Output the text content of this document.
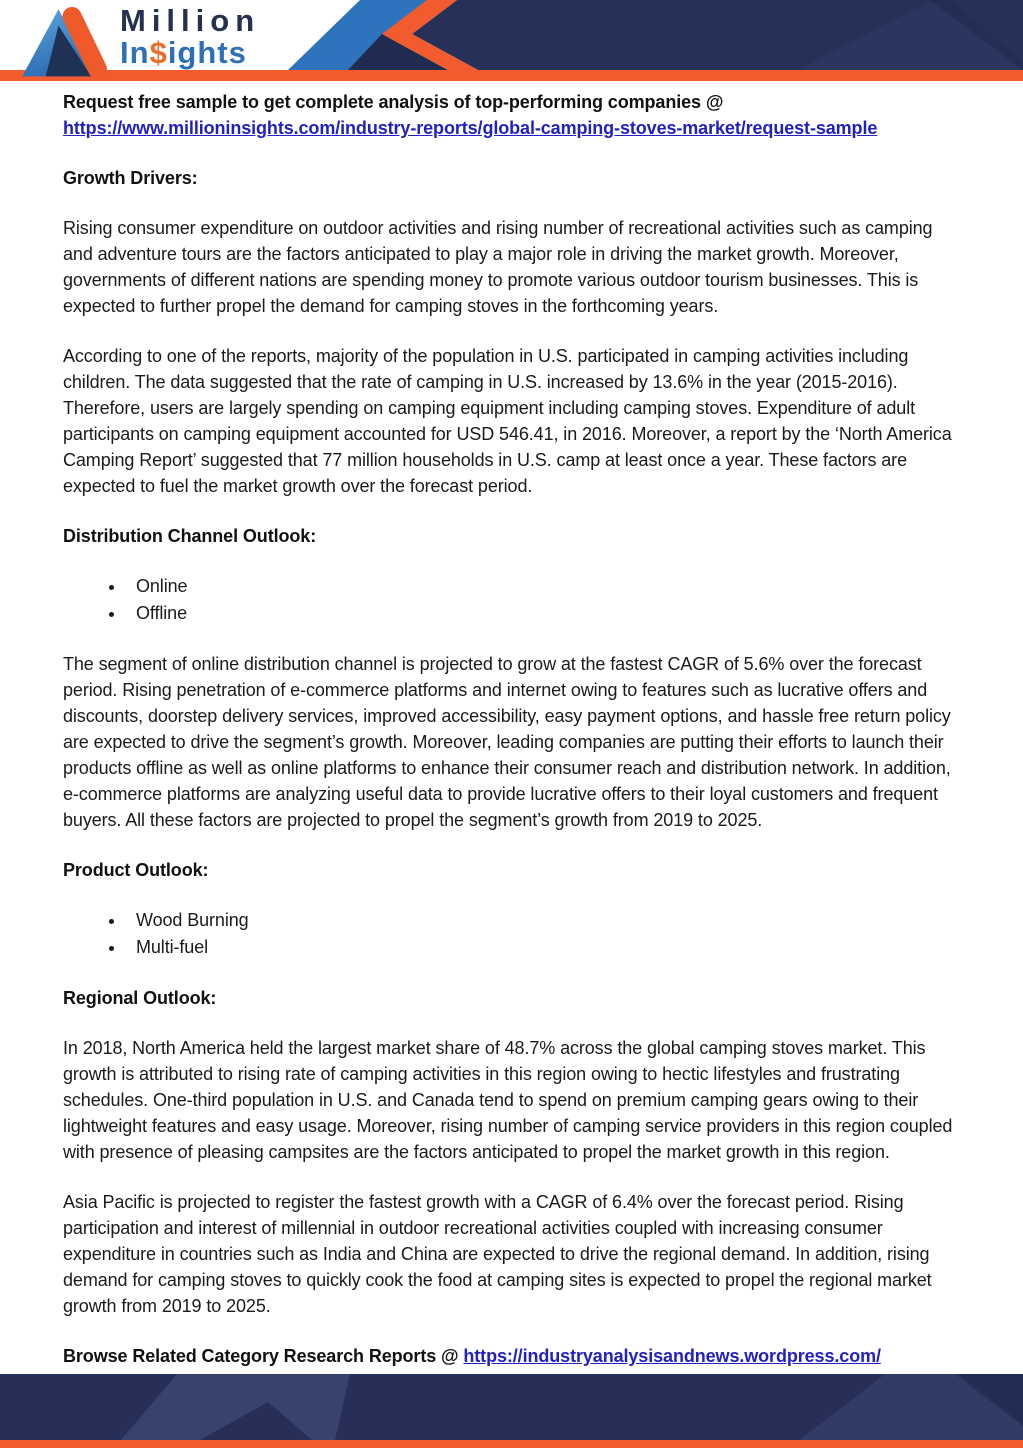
Million
In$ights

Request free sample to get complete analysis of top-performing companies @
https://www.millioninsights.com/industry-reports/global-camping-stoves-market/request-sample

Growth Drivers:

Rising consumer expenditure on outdoor activities and rising number of recreational activities such as camping and adventure tours are the factors anticipated to play a major role in driving the market growth. Moreover, governments of different nations are spending money to promote various outdoor tourism businesses. This is expected to further propel the demand for camping stoves in the forthcoming years.

According to one of the reports, majority of the population in U.S. participated in camping activities including children. The data suggested that the rate of camping in U.S. increased by 13.6% in the year (2015-2016). Therefore, users are largely spending on camping equipment including camping stoves. Expenditure of adult participants on camping equipment accounted for USD 546.41, in 2016. Moreover, a report by the ‘North America Camping Report’ suggested that 77 million households in U.S. camp at least once a year. These factors are expected to fuel the market growth over the forecast period.

Distribution Channel Outlook:
• Online
• Offline

The segment of online distribution channel is projected to grow at the fastest CAGR of 5.6% over the forecast period. Rising penetration of e-commerce platforms and internet owing to features such as lucrative offers and discounts, doorstep delivery services, improved accessibility, easy payment options, and hassle free return policy are expected to drive the segment’s growth. Moreover, leading companies are putting their efforts to launch their products offline as well as online platforms to enhance their consumer reach and distribution network. In addition, e-commerce platforms are analyzing useful data to provide lucrative offers to their loyal customers and frequent buyers. All these factors are projected to propel the segment’s growth from 2019 to 2025.

Product Outlook:
• Wood Burning
• Multi-fuel
Regional Outlook:

In 2018, North America held the largest market share of 48.7% across the global camping stoves market. This growth is attributed to rising rate of camping activities in this region owing to hectic lifestyles and frustrating schedules. One-third population in U.S. and Canada tend to spend on premium camping gears owing to their lightweight features and easy usage. Moreover, rising number of camping service providers in this region coupled with presence of pleasing campsites are the factors anticipated to propel the market growth in this region.

Asia Pacific is projected to register the fastest growth with a CAGR of 6.4% over the forecast period. Rising participation and interest of millennial in outdoor recreational activities coupled with increasing consumer expenditure in countries such as India and China are expected to drive the regional demand. In addition, rising demand for camping stoves to quickly cook the food at camping sites is expected to propel the regional market growth from 2019 to 2025.

Browse Related Category Research Reports @ https://industryanalysisandnews.wordpress.com/
